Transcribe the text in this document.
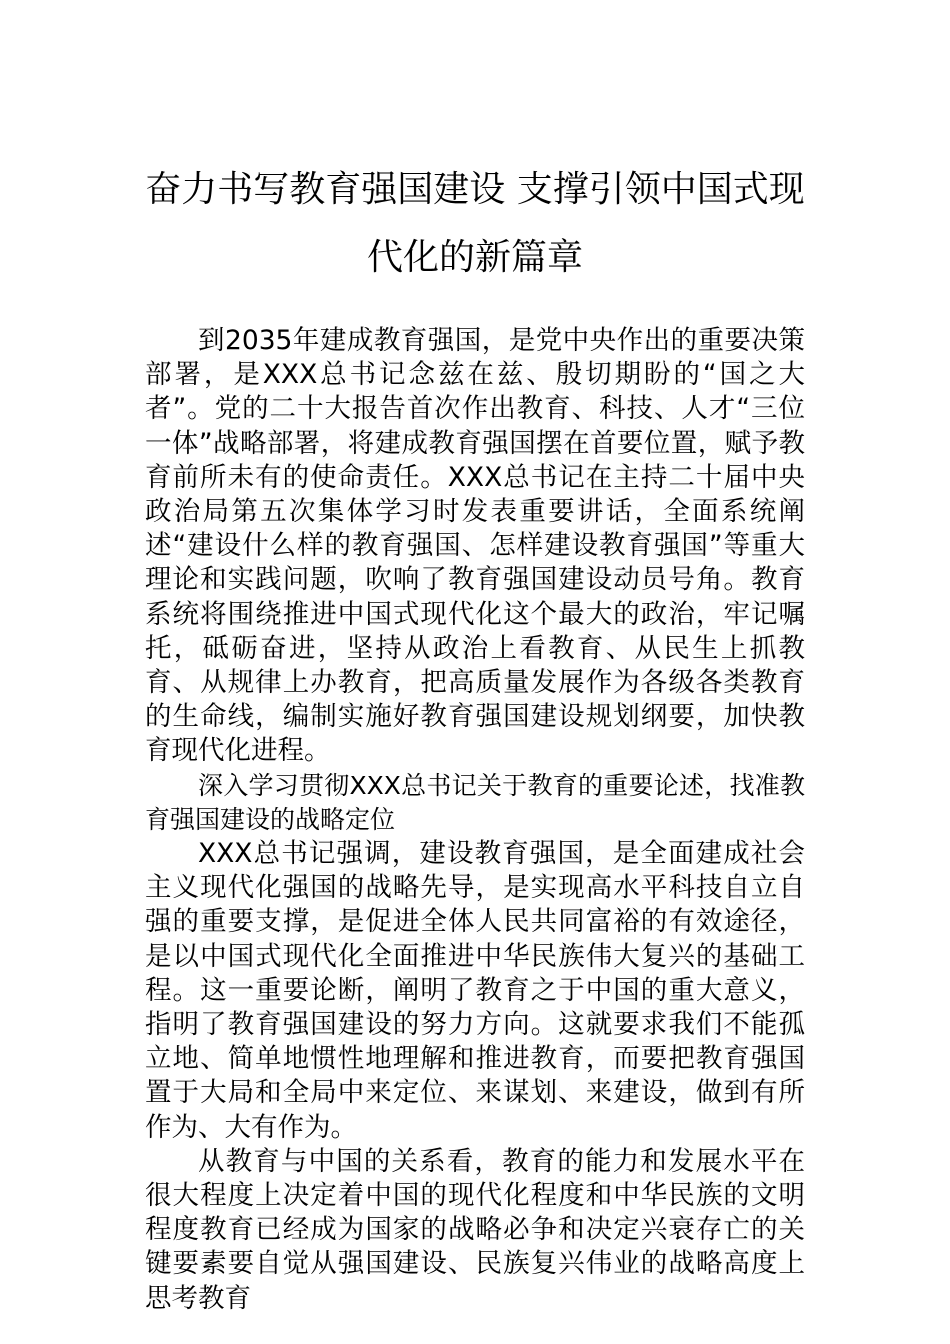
奋力书写教育强国建设 支撑引领中国式现
代化的新篇章

到2035年建成教育强国，是党中央作出的重要决策部署，是XXX总书记念兹在兹、殷切期盼的“国之大者”。党的二十大报告首次作出教育、科技、人才“三位一体”战略部署，将建成教育强国摆在首要位置，赋予教育前所未有的使命责任。XXX总书记在主持二十届中央政治局第五次集体学习时发表重要讲话，全面系统阐述“建设什么样的教育强国、怎样建设教育强国”等重大理论和实践问题，吹响了教育强国建设动员号角。教育系统将围绕推进中国式现代化这个最大的政治，牢记嘱托，砥砺奋进，坚持从政治上看教育、从民生上抓教育、从规律上办教育，把高质量发展作为各级各类教育的生命线，编制实施好教育强国建设规划纲要，加快教育现代化进程。

深入学习贯彻XXX总书记关于教育的重要论述，找准教育强国建设的战略定位

XXX总书记强调，建设教育强国，是全面建成社会主义现代化强国的战略先导，是实现高水平科技自立自强的重要支撑，是促进全体人民共同富裕的有效途径，是以中国式现代化全面推进中华民族伟大复兴的基础工程。这一重要论断，阐明了教育之于中国的重大意义，指明了教育强国建设的努力方向。这就要求我们不能孤立地、简单地惯性地理解和推进教育，而要把教育强国置于大局和全局中来定位、来谋划、来建设，做到有所作为、大有作为。

从教育与中国的关系看，教育的能力和发展水平在很大程度上决定着中国的现代化程度和中华民族的文明程度教育已经成为国家的战略必争和决定兴衰存亡的关键要素要自觉从强国建设、民族复兴伟业的战略高度上思考教育
